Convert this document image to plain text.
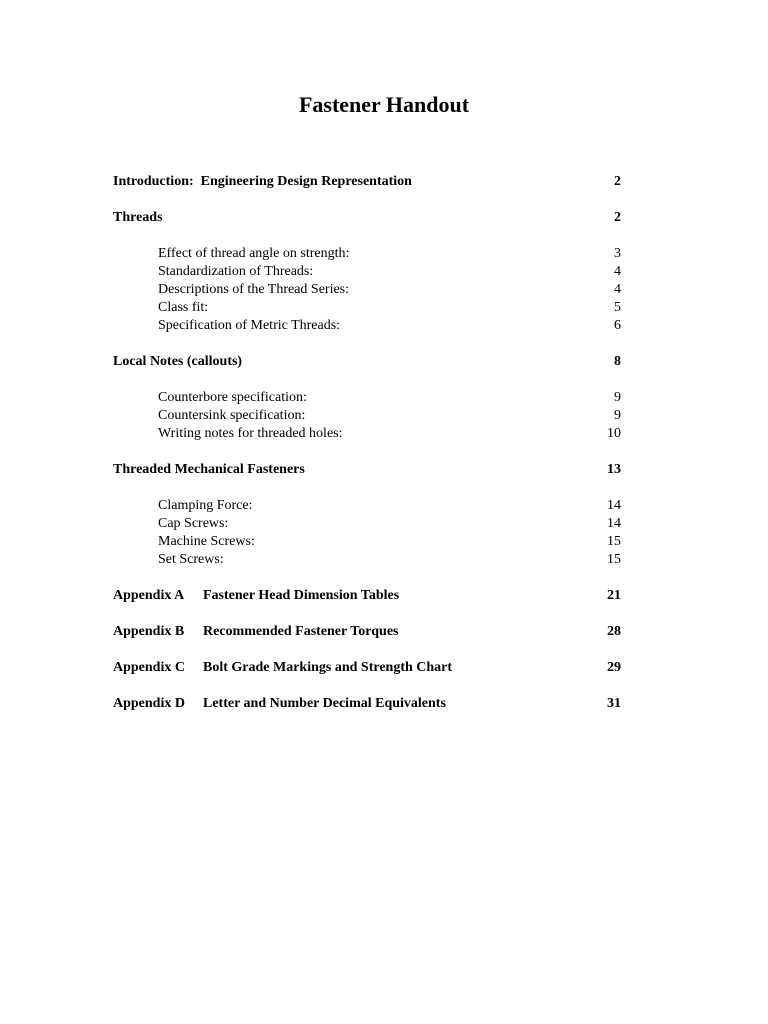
Fastener Handout
Introduction: Engineering Design Representation	2
Threads	2
Effect of thread angle on strength:	3
Standardization of Threads:	4
Descriptions of the Thread Series:	4
Class fit:	5
Specification of Metric Threads:	6
Local Notes (callouts)	8
Counterbore specification:	9
Countersink specification:	9
Writing notes for threaded holes:	10
Threaded Mechanical Fasteners	13
Clamping Force:	14
Cap Screws:	14
Machine Screws:	15
Set Screws:	15
Appendix A Fastener Head Dimension Tables	21
Appendix B Recommended Fastener Torques	28
Appendix C Bolt Grade Markings and Strength Chart	29
Appendix D Letter and Number Decimal Equivalents	31
